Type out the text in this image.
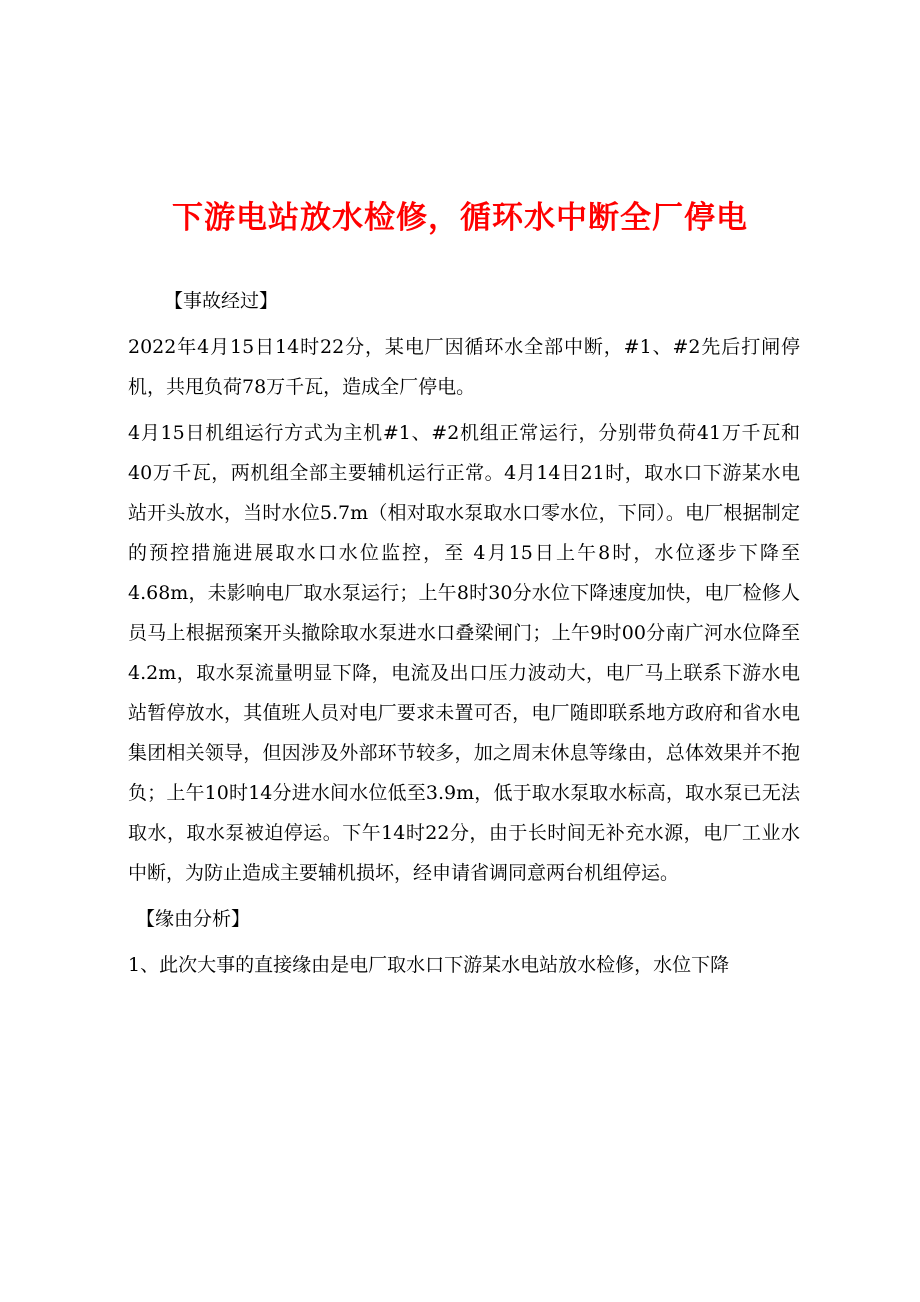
下游电站放水检修，循环水中断全厂停电

【事故经过】

2022年4月15日14时22分，某电厂因循环水全部中断，#1、#2先后打闸停机，共甩负荷78万千瓦，造成全厂停电。

4月15日机组运行方式为主机#1、#2机组正常运行，分别带负荷41万千瓦和40万千瓦，两机组全部主要辅机运行正常。4月14日21时，取水口下游某水电站开头放水，当时水位5.7m（相对取水泵取水口零水位，下同）。电厂根据制定的预控措施进展取水口水位监控，至 4月15日上午8时，水位逐步下降至4.68m，未影响电厂取水泵运行；上午8时30分水位下降速度加快，电厂检修人员马上根据预案开头撤除取水泵进水口叠梁闸门；上午9时00分南广河水位降至4.2m，取水泵流量明显下降，电流及出口压力波动大，电厂马上联系下游水电站暂停放水，其值班人员对电厂要求未置可否，电厂随即联系地方政府和省水电集团相关领导，但因涉及外部环节较多，加之周末休息等缘由，总体效果并不抱负；上午10时14分进水间水位低至3.9m，低于取水泵取水标高，取水泵已无法取水，取水泵被迫停运。下午14时22分，由于长时间无补充水源，电厂工业水中断，为防止造成主要辅机损坏，经申请省调同意两台机组停运。

【缘由分析】

1、此次大事的直接缘由是电厂取水口下游某水电站放水检修，水位下降
